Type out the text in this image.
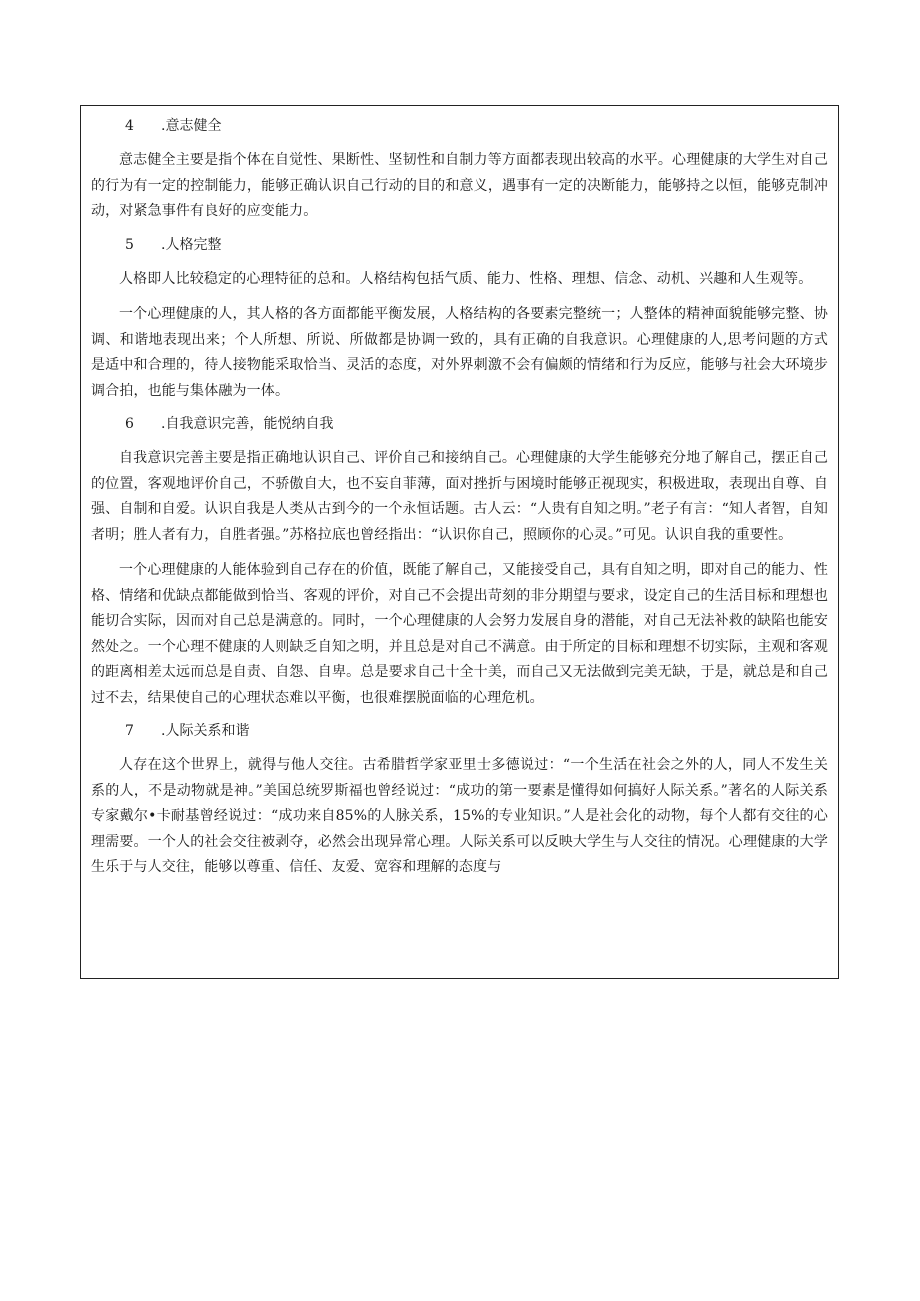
4 .意志健全

意志健全主要是指个体在自觉性、果断性、坚韧性和自制力等方面都表现出较高的水平。心理健康的大学生对自己的行为有一定的控制能力，能够正确认识自己行动的目的和意义，遇事有一定的决断能力，能够持之以恒，能够克制冲动，对紧急事件有良好的应变能力。

5 .人格完整

人格即人比较稳定的心理特征的总和。人格结构包括气质、能力、性格、理想、信念、动机、兴趣和人生观等。

一个心理健康的人，其人格的各方面都能平衡发展，人格结构的各要素完整统一；人整体的精神面貌能够完整、协调、和谐地表现出来；个人所想、所说、所做都是协调一致的，具有正确的自我意识。心理健康的人,思考问题的方式是适中和合理的，待人接物能采取恰当、灵活的态度，对外界刺激不会有偏颇的情绪和行为反应，能够与社会大环境步调合拍，也能与集体融为一体。

6 .自我意识完善，能悦纳自我

自我意识完善主要是指正确地认识自己、评价自己和接纳自己。心理健康的大学生能够充分地了解自己，摆正自己的位置，客观地评价自己，不骄傲自大，也不妄自菲薄，面对挫折与困境时能够正视现实，积极进取，表现出自尊、自强、自制和自爱。认识自我是人类从古到今的一个永恒话题。古人云：“人贵有自知之明。”老子有言：“知人者智，自知者明；胜人者有力，自胜者强。”苏格拉底也曾经指出：“认识你自己，照顾你的心灵。”可见。认识自我的重要性。

一个心理健康的人能体验到自己存在的价值，既能了解自己，又能接受自己，具有自知之明，即对自己的能力、性格、情绪和优缺点都能做到恰当、客观的评价，对自己不会提出苛刻的非分期望与要求，设定自己的生活目标和理想也能切合实际，因而对自己总是满意的。同时，一个心理健康的人会努力发展自身的潜能，对自己无法补救的缺陷也能安然处之。一个心理不健康的人则缺乏自知之明，并且总是对自己不满意。由于所定的目标和理想不切实际，主观和客观的距离相差太远而总是自责、自怨、自卑。总是要求自己十全十美，而自己又无法做到完美无缺，于是，就总是和自己过不去，结果使自己的心理状态难以平衡，也很难摆脱面临的心理危机。

7 .人际关系和谐

人存在这个世界上，就得与他人交往。古希腊哲学家亚里士多德说过：“一个生活在社会之外的人，同人不发生关系的人，不是动物就是神。”美国总统罗斯福也曾经说过：“成功的第一要素是懂得如何搞好人际关系。”著名的人际关系专家戴尔•卡耐基曾经说过：“成功来自85%的人脉关系，15%的专业知识。”人是社会化的动物，每个人都有交往的心理需要。一个人的社会交往被剥夺，必然会出现异常心理。人际关系可以反映大学生与人交往的情况。心理健康的大学生乐于与人交往，能够以尊重、信任、友爱、宽容和理解的态度与
